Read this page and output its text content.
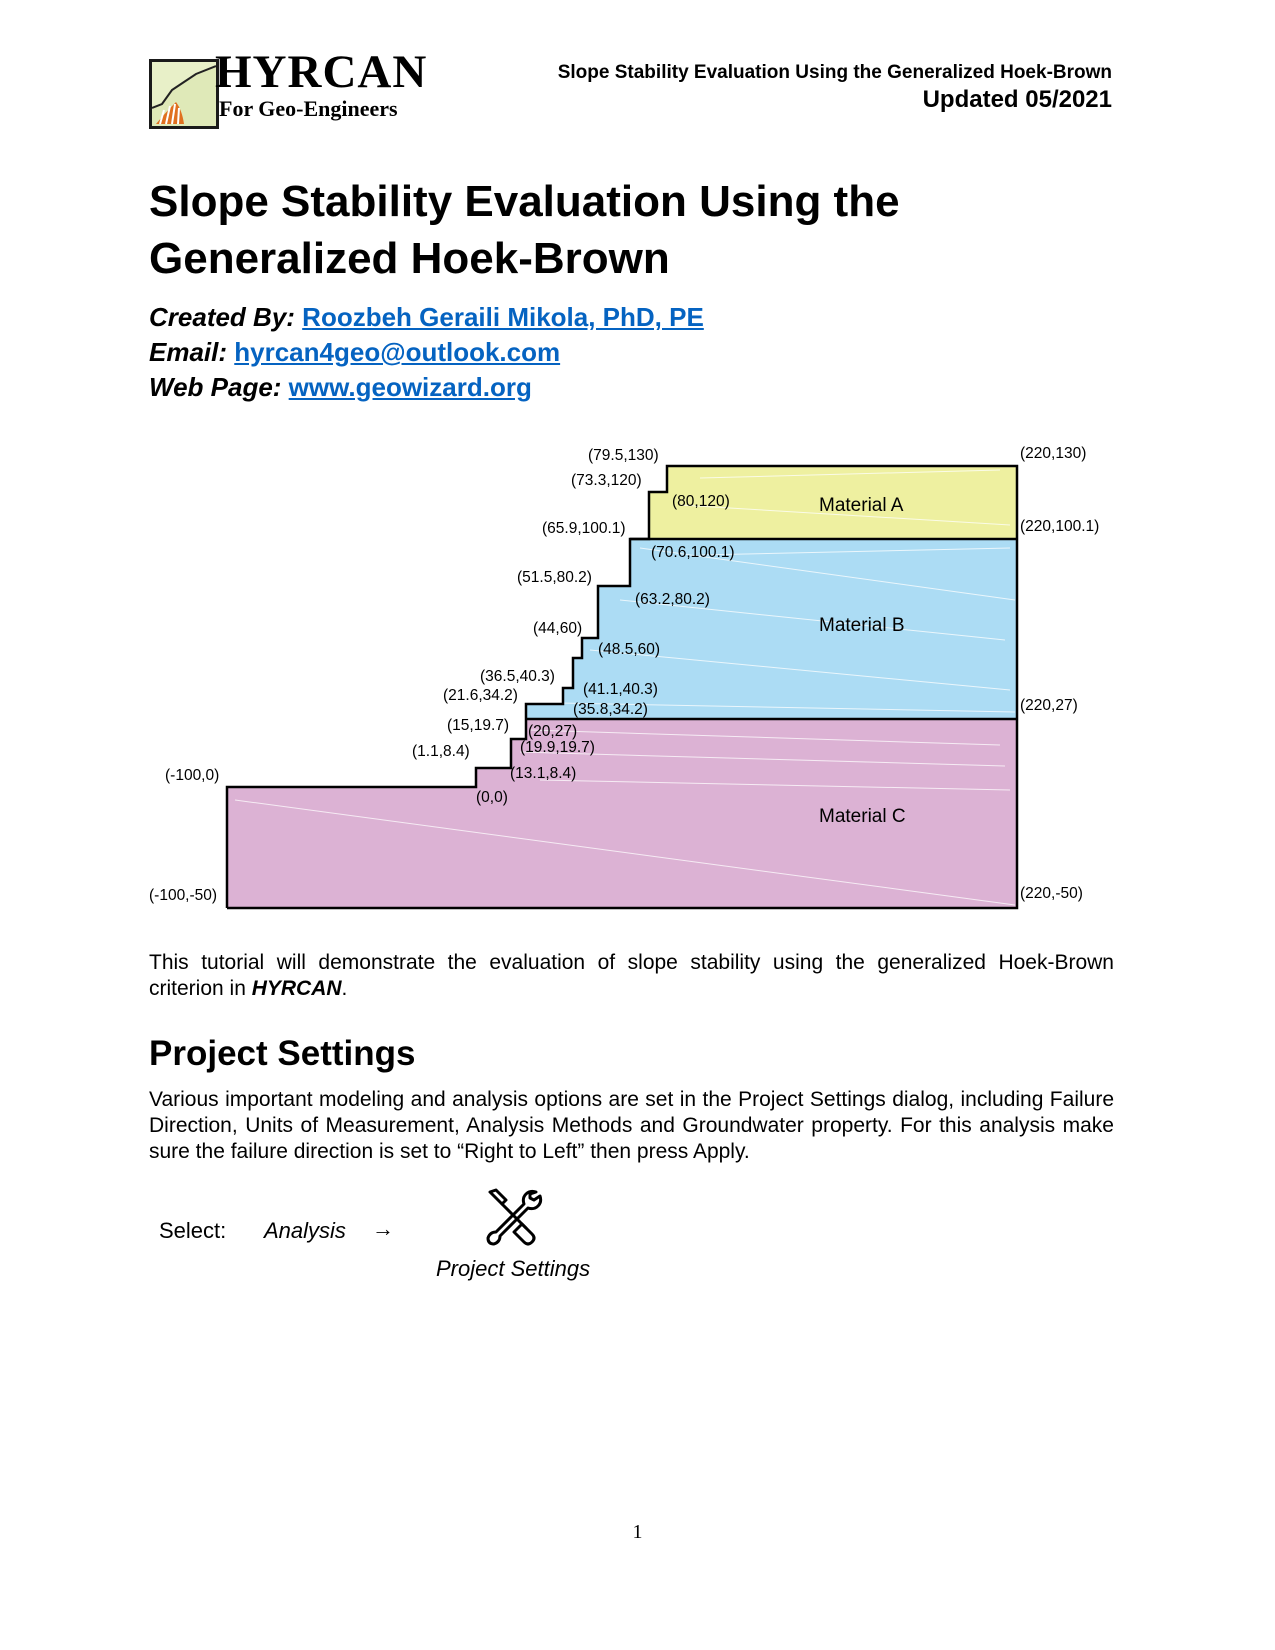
HYRCAN
For Geo-Engineers
Slope Stability Evaluation Using the Generalized Hoek-Brown
Updated 05/2021
Slope Stability Evaluation Using the
Generalized Hoek-Brown
Created By: Roozbeh Geraili Mikola, PhD, PE
Email: hyrcan4geo@outlook.com
Web Page: www.geowizard.org
Material A
Material B
Material C
(79.5,130)	(220,130)
(73.3,120)
(80,120)
(65.9,100.1)	(220,100.1)
(70.6,100.1)
(51.5,80.2)
(63.2,80.2)
(44,60)
(48.5,60)
(36.5,40.3)
(21.6,34.2)	(41.1,40.3)
(35.8,34.2)	(220,27)
(15,19.7) (20,27)
(1.1,8.4)	(19.9,19.7)
(-100,0)	(13.1,8.4)
(0,0)
(-100,-50)	(220,-50)
This tutorial will demonstrate the evaluation of slope stability using the generalized Hoek-Brown criterion in HYRCAN.
Project Settings
Various important modeling and analysis options are set in the Project Settings dialog, including Failure Direction, Units of Measurement, Analysis Methods and Groundwater property. For this analysis make sure the failure direction is set to “Right to Left” then press Apply.
Select: Analysis →
Project Settings
1
